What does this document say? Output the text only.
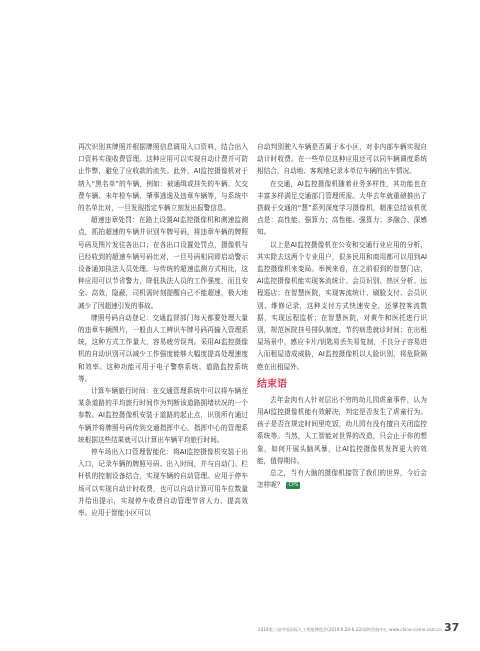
再次识别其牌照并根据牌照信息调用入口资料，结合出入口资料实现收费管理。这种应用可以实现自动计费并可防止作弊，避免了应收款的流失。此外，AI监控摄像机对于纳入“黑名单”的车辆，例如：被通缉或挂失的车辆、欠交费车辆、未年检车辆、肇事逃逸及违章车辆等，与系统中的名单比对，一旦发现指定车辆立刻发出报警信息。

超速违章处罚：在路上设置AI监控摄像机和测速监测点，抓拍超速的车辆并识别车牌号码，将违章车辆的牌照号码及图片发往各出口；在各出口设置处罚点，摄像机与已经收到的超速车辆号码比对，一旦号码相同即启动警示设备通知执法人员处理。与传统的超速监测方式相比，这种应用可以节省警力，降低执法人员的工作强度，而且安全、高效，隐蔽，司机需时刻提醒自己不能超速，极大地减少了因超速引发的事故。

牌照号码自动登记：交通监督部门每天都要处理大量的违章车辆图片，一般由人工辨识车牌号码再输入管理系统，这种方式工作量大，容易疲劳误判。采用AI监控摄像机的自动识别可以减少工作强度能够大幅度提高处理速度和效率。这种功能可用于电子警察系统、道路监控系统等。

计算车辆旅行时间：在交通管理系统中可以将车辆在某条道路的平均旅行时间作为判断该道路拥堵状况的一个参数。AI监控摄像机安装于道路的起止点，识别所有通过车辆并将牌照号码传到交通指挥中心，指挥中心的管理系统根据这些结果就可以计算出车辆平均旅行时间。

停车场出入口管理智能化：将AI监控摄像机安装于出入口，记录车辆的牌照号码、出入时间，并与自动门、栏杆机的控制设备结合，实现车辆的自动管理。应用于停车场可以实现自动计时收费，也可以自动计算可用车位数量并给出提示，实现停车收费自动管理节省人力、提高效率。应用于智能小区可以

自动判别驶入车辆是否属于本小区，对非内部车辆实现自动计时收费。在一些单位这种应用还可以同车辆调度系统相结合，自动地、客观地记录本单位车辆的出车情况。

在交通，AI监控摄像机随着业务多样性，其功能也在丰富多样满足交通部门管理所需。大华去年就重磅推出了搭载于交通的“慧”系列深度学习摄像机，精准总结该机优点是：高性能、强算力；高性能、强算力；多融合、深感知。

以上是AI监控摄像机在公安和交通行业应用的分析，其实除去这两个专业用户，很多民用和商用都可以用到AI监控摄像机来变局。举例来看，在之前很到的智慧门店，AI监控摄像机能实现客流统计、会员识别、热区分析、远程巡店；在智慧医院，实现客流统计、刷脸支付、会员识别、维修记录，这种支付方式快速安全，还掌控客流数据，实现远程监析；在智慧医院，对黄牛和医托进行识别，规范医院挂号排队制度，节约病患就诊时间；在出租屋场景中，感应卡片/钥匙易丢失易复制，不良分子容易进入而租屋造成威胁，AI监控摄像机以人脸识别，将危险隔绝在出租屋外。

结束语

去年金肉有人针对层出不穷的幼儿园虐童事件，认为用AI监控摄像机能有效解决，判定是否发生了虐童行为。孩子是否在规定时间里吃饭，幼儿园有没有擅自关闭监控系统等。当然，人工智能对世界的改造，只会止于你的想象，如何开展头脑风暴，让AI监控摄像机发挥更大的效能，值得期待。

总之，当有大脑的摄像机接管了我们的世界，今后会怎样呢？ CPS

2019第三届中国国际人工智能博览会(2019.6.20-6.23)深圳会展中心 www.china-cisme.com.cn 37
